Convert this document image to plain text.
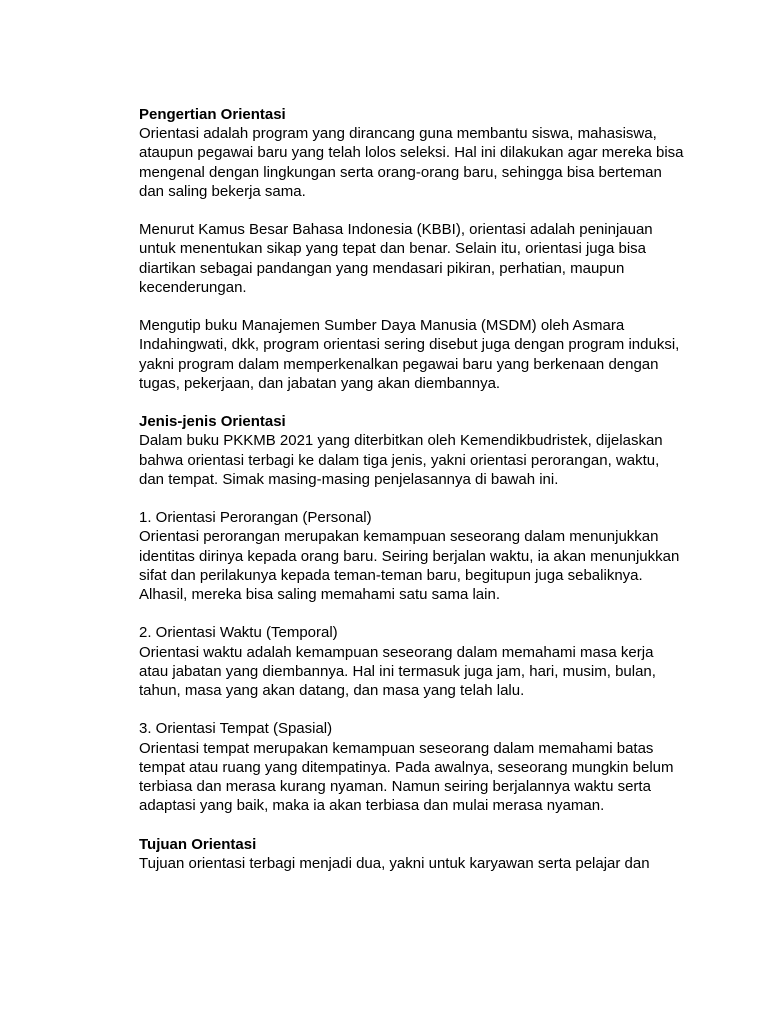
Pengertian Orientasi

Orientasi adalah program yang dirancang guna membantu siswa, mahasiswa, ataupun pegawai baru yang telah lolos seleksi. Hal ini dilakukan agar mereka bisa mengenal dengan lingkungan serta orang-orang baru, sehingga bisa berteman dan saling bekerja sama.

Menurut Kamus Besar Bahasa Indonesia (KBBI), orientasi adalah peninjauan untuk menentukan sikap yang tepat dan benar. Selain itu, orientasi juga bisa diartikan sebagai pandangan yang mendasari pikiran, perhatian, maupun kecenderungan.

Mengutip buku Manajemen Sumber Daya Manusia (MSDM) oleh Asmara Indahingwati, dkk, program orientasi sering disebut juga dengan program induksi, yakni program dalam memperkenalkan pegawai baru yang berkenaan dengan tugas, pekerjaan, dan jabatan yang akan diembannya.

Jenis-jenis Orientasi

Dalam buku PKKMB 2021 yang diterbitkan oleh Kemendikbudristek, dijelaskan bahwa orientasi terbagi ke dalam tiga jenis, yakni orientasi perorangan, waktu, dan tempat. Simak masing-masing penjelasannya di bawah ini.

1. Orientasi Perorangan (Personal)

Orientasi perorangan merupakan kemampuan seseorang dalam menunjukkan identitas dirinya kepada orang baru. Seiring berjalan waktu, ia akan menunjukkan sifat dan perilakunya kepada teman-teman baru, begitupun juga sebaliknya. Alhasil, mereka bisa saling memahami satu sama lain.

2. Orientasi Waktu (Temporal)

Orientasi waktu adalah kemampuan seseorang dalam memahami masa kerja atau jabatan yang diembannya. Hal ini termasuk juga jam, hari, musim, bulan, tahun, masa yang akan datang, dan masa yang telah lalu.

3. Orientasi Tempat (Spasial)

Orientasi tempat merupakan kemampuan seseorang dalam memahami batas tempat atau ruang yang ditempatinya. Pada awalnya, seseorang mungkin belum terbiasa dan merasa kurang nyaman. Namun seiring berjalannya waktu serta adaptasi yang baik, maka ia akan terbiasa dan mulai merasa nyaman.

Tujuan Orientasi

Tujuan orientasi terbagi menjadi dua, yakni untuk karyawan serta pelajar dan
